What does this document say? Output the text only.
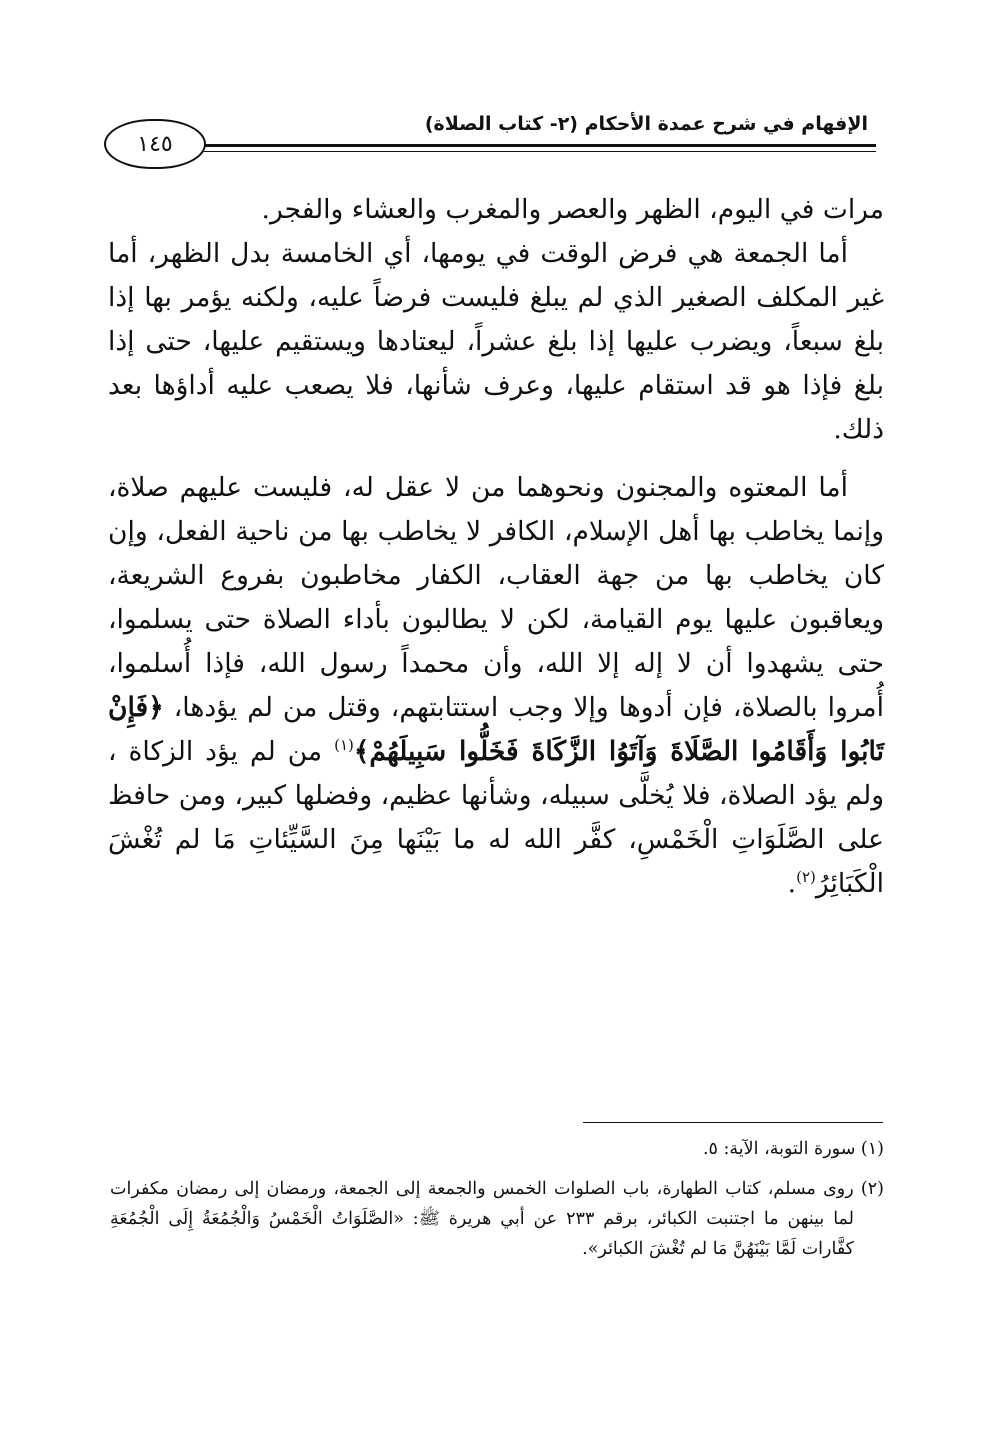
الإفهام في شرح عمدة الأحكام (٢- كتاب الصلاة)
١٤٥

مرات في اليوم، الظهر والعصر والمغرب والعشاء والفجر.

أما الجمعة هي فرض الوقت في يومها، أي الخامسة بدل الظهر، أما غير المكلف الصغير الذي لم يبلغ فليست فرضاً عليه، ولكنه يؤمر بها إذا بلغ سبعاً، ويضرب عليها إذا بلغ عشراً، ليعتادها ويستقيم عليها، حتى إذا بلغ فإذا هو قد استقام عليها، وعرف شأنها، فلا يصعب عليه أداؤها بعد ذلك.

أما المعتوه والمجنون ونحوهما من لا عقل له، فليست عليهم صلاة، وإنما يخاطب بها أهل الإسلام، الكافر لا يخاطب بها من ناحية الفعل، وإن كان يخاطب بها من جهة العقاب، الكفار مخاطبون بفروع الشريعة، ويعاقبون عليها يوم القيامة، لكن لا يطالبون بأداء الصلاة حتى يسلموا، حتى يشهدوا أن لا إله إلا الله، وأن محمداً رسول الله، فإذا أُسلموا، أُمروا بالصلاة، فإن أدوها وإلا وجب استتابتهم، وقتل من لم يؤدها، ﴿فَإِنْ تَابُوا وَأَقَامُوا الصَّلَاةَ وَآتَوُا الزَّكَاةَ فَخَلُّوا سَبِيلَهُمْ﴾$^{(١)}$ من لم يؤد الزكاة ، ولم يؤد الصلاة، فلا يُخلَّى سبيله، وشأنها عظيم، وفضلها كبير، ومن حافظ على الصَّلَوَاتِ الْخَمْسِ، كفَّر الله له ما بَيْنَها مِنَ السَّيِّئاتِ مَا لم تُغْشَ الْكَبَائِرُ$^{(٢)}$.

(١) سورة التوبة، الآية: ٥.

(٢) روى مسلم، كتاب الطهارة، باب الصلوات الخمس والجمعة إلى الجمعة، ورمضان إلى رمضان مكفرات لما بينهن ما اجتنبت الكبائر، برقم ٢٣٣ عن أبي هريرة ﷺ: «الصَّلَوَاتُ الْخَمْسُ وَالْجُمُعَةُ إِلَى الْجُمُعَةِ كفَّارات لَمَّا بَيْنَهُنَّ مَا لم تُغْشَ الكبائر».
